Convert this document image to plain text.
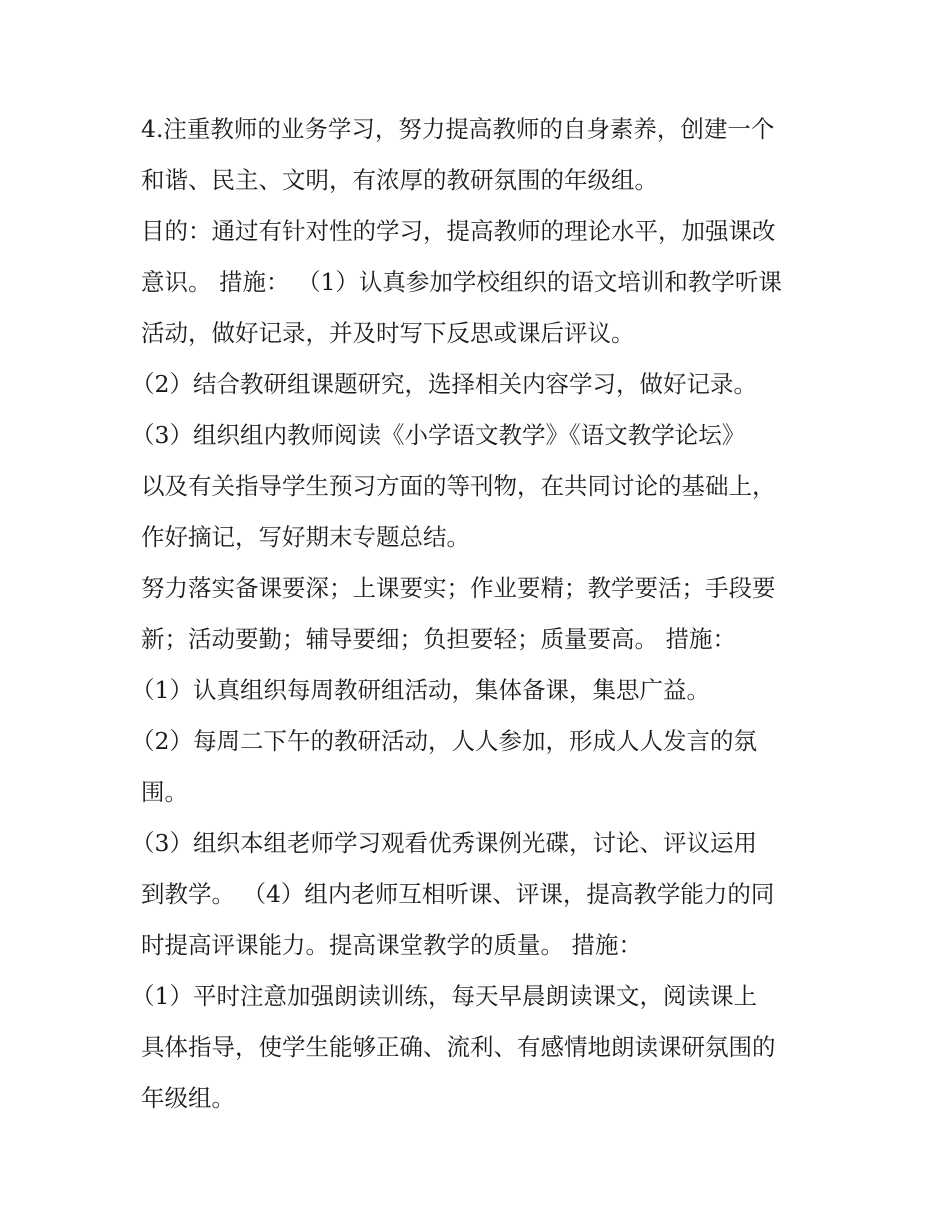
4.注重教师的业务学习，努力提高教师的自身素养，创建一个
和谐、民主、文明，有浓厚的教研氛围的年级组。
目的：通过有针对性的学习，提高教师的理论水平，加强课改
意识。 措施： （1）认真参加学校组织的语文培训和教学听课
活动，做好记录，并及时写下反思或课后评议。
（2）结合教研组课题研究，选择相关内容学习，做好记录。
（3）组织组内教师阅读《小学语文教学》《语文教学论坛》
以及有关指导学生预习方面的等刊物，在共同讨论的基础上，
作好摘记，写好期末专题总结。
努力落实备课要深；上课要实；作业要精；教学要活；手段要
新；活动要勤；辅导要细；负担要轻；质量要高。 措施：
（1）认真组织每周教研组活动，集体备课，集思广益。
（2）每周二下午的教研活动，人人参加，形成人人发言的氛
围。
（3）组织本组老师学习观看优秀课例光碟，讨论、评议运用
到教学。 （4）组内老师互相听课、评课，提高教学能力的同
时提高评课能力。提高课堂教学的质量。 措施：
（1）平时注意加强朗读训练，每天早晨朗读课文，阅读课上
具体指导，使学生能够正确、流利、有感情地朗读课研氛围的
年级组。
